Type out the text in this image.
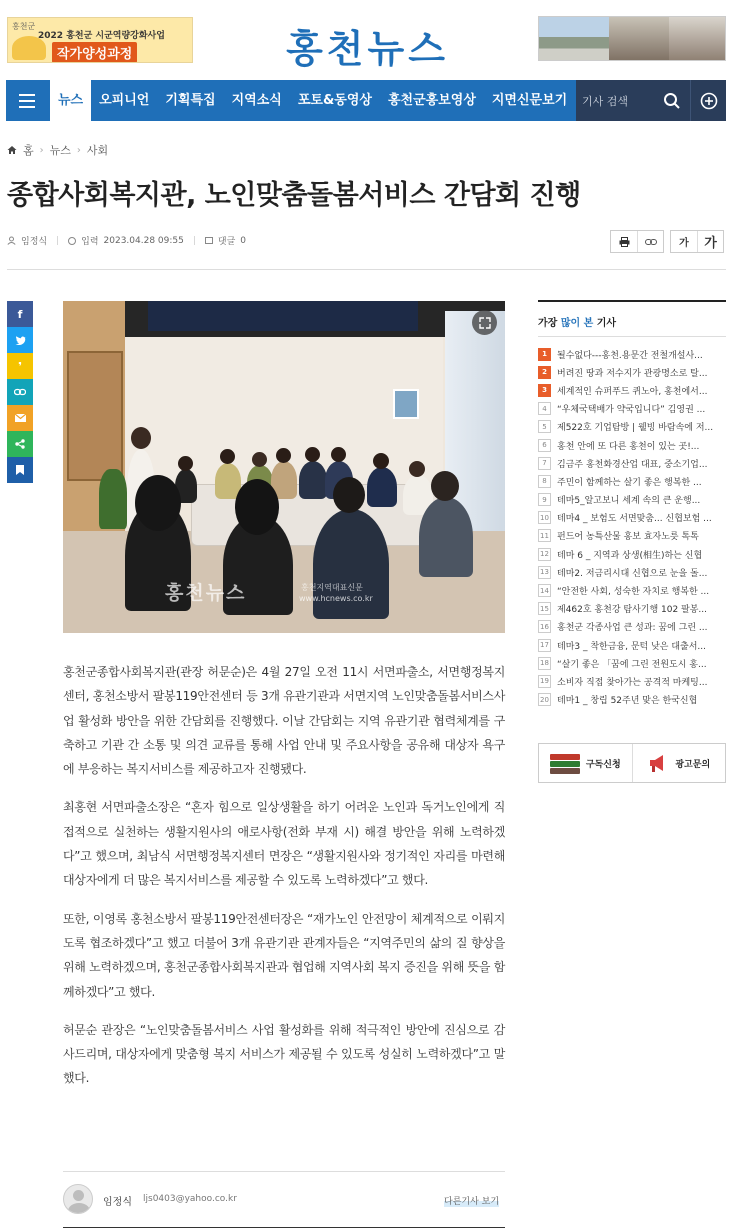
홍천군
2022 홍천군 시군역량강화사업
작가양성과정	홍천뉴스
뉴스	오피니언	기획특집	지역소식	포토&동영상	홍천군홍보영상	지면신문보기
기사 검색
홈 › 뉴스 › 사회
종합사회복지관, 노인맞춤돌봄서비스 간담회 진행
임정식 | 입력 2023.04.28 09:55 | 댓글 0	가	가
f
❜
홍천뉴스	홍천지역대표신문
www.hcnews.co.kr

홍천군종합사회복지관(관장 허문순)은 4월 27일 오전 11시 서면파출소, 서면행정복지센터, 홍천소방서 팔봉119안전센터 등 3개 유관기관과 서면지역 노인맞춤돌봄서비스사업 활성화 방안을 위한 간담회를 진행했다. 이날 간담회는 지역 유관기관 협력체계를 구축하고 기관 간 소통 및 의견 교류를 통해 사업 안내 및 주요사항을 공유해 대상자 욕구에 부응하는 복지서비스를 제공하고자 진행됐다.

최홍현 서면파출소장은 “혼자 힘으로 일상생활을 하기 어려운 노인과 독거노인에게 직접적으로 실천하는 생활지원사의 애로사항(전화 부재 시) 해결 방안을 위해 노력하겠다”고 했으며, 최남식 서면행정복지센터 면장은 “생활지원사와 정기적인 자리를 마련해 대상자에게 더 많은 복지서비스를 제공할 수 있도록 노력하겠다”고 했다.

또한, 이영록 홍천소방서 팔봉119안전센터장은 “재가노인 안전망이 체계적으로 이뤄지도록 협조하겠다”고 했고 더불어 3개 유관기관 관계자들은 “지역주민의 삶의 질 향상을 위해 노력하겠으며, 홍천군종합사회복지관과 협업해 지역사회 복지 증진을 위해 뜻을 함께하겠다”고 했다.

허문순 관장은 “노인맞춤돌봄서비스 사업 활성화를 위해 적극적인 방안에 진심으로 감사드리며, 대상자에게 맞춤형 복지 서비스가 제공될 수 있도록 성실히 노력하겠다”고 말했다.

임정식 ljs0403@yahoo.co.kr	다른기사 보기
가장 많이 본 기사
1	될수없다---홍천.용문간 전철개설사...
2	버려진 땅과 저수지가 관광명소로 탈...
3	세계적인 슈퍼푸드 퀴노아, 홍천에서...
4	“우체국택배가 약국입니다” 김영권 ...
5	제522호 기업탐방 | 웰빙 바람속에 저...
6	홍천 안에 또 다른 홍천이 있는 곳!...
7	김금주 홍천화경산업 대표, 중소기업...
8	주민이 함께하는 살기 좋은 행복한 ...
9	테마5_알고보니 세계 속의 큰 운행...
10 테마4 _ 보험도 서면맞춤... 신협보험 ...
11 펀드어 농특산물 홍보 효자노릇 톡톡
12 테마 6 _ 지역과 상생(相生)하는 신협
13 테마2. 저금리시대 신협으로 눈을 돌...
14 “안전한 사회, 성숙한 자치로 행복한 ...
15 제462호 홍천강 탐사기행 102 팔봉...
16 홍천군 각종사업 큰 성과: 꿈에 그린 ...
17 테마3 _ 착한금융, 문턱 낮은 대출서...
18 “살기 좋은 「꿈에 그린 전원도시 홍...
19 소비자 직접 찾아가는 공격적 마케팅...
20 테마1 _ 창립 52주년 맞은 한국신협
구독신청	광고문의
